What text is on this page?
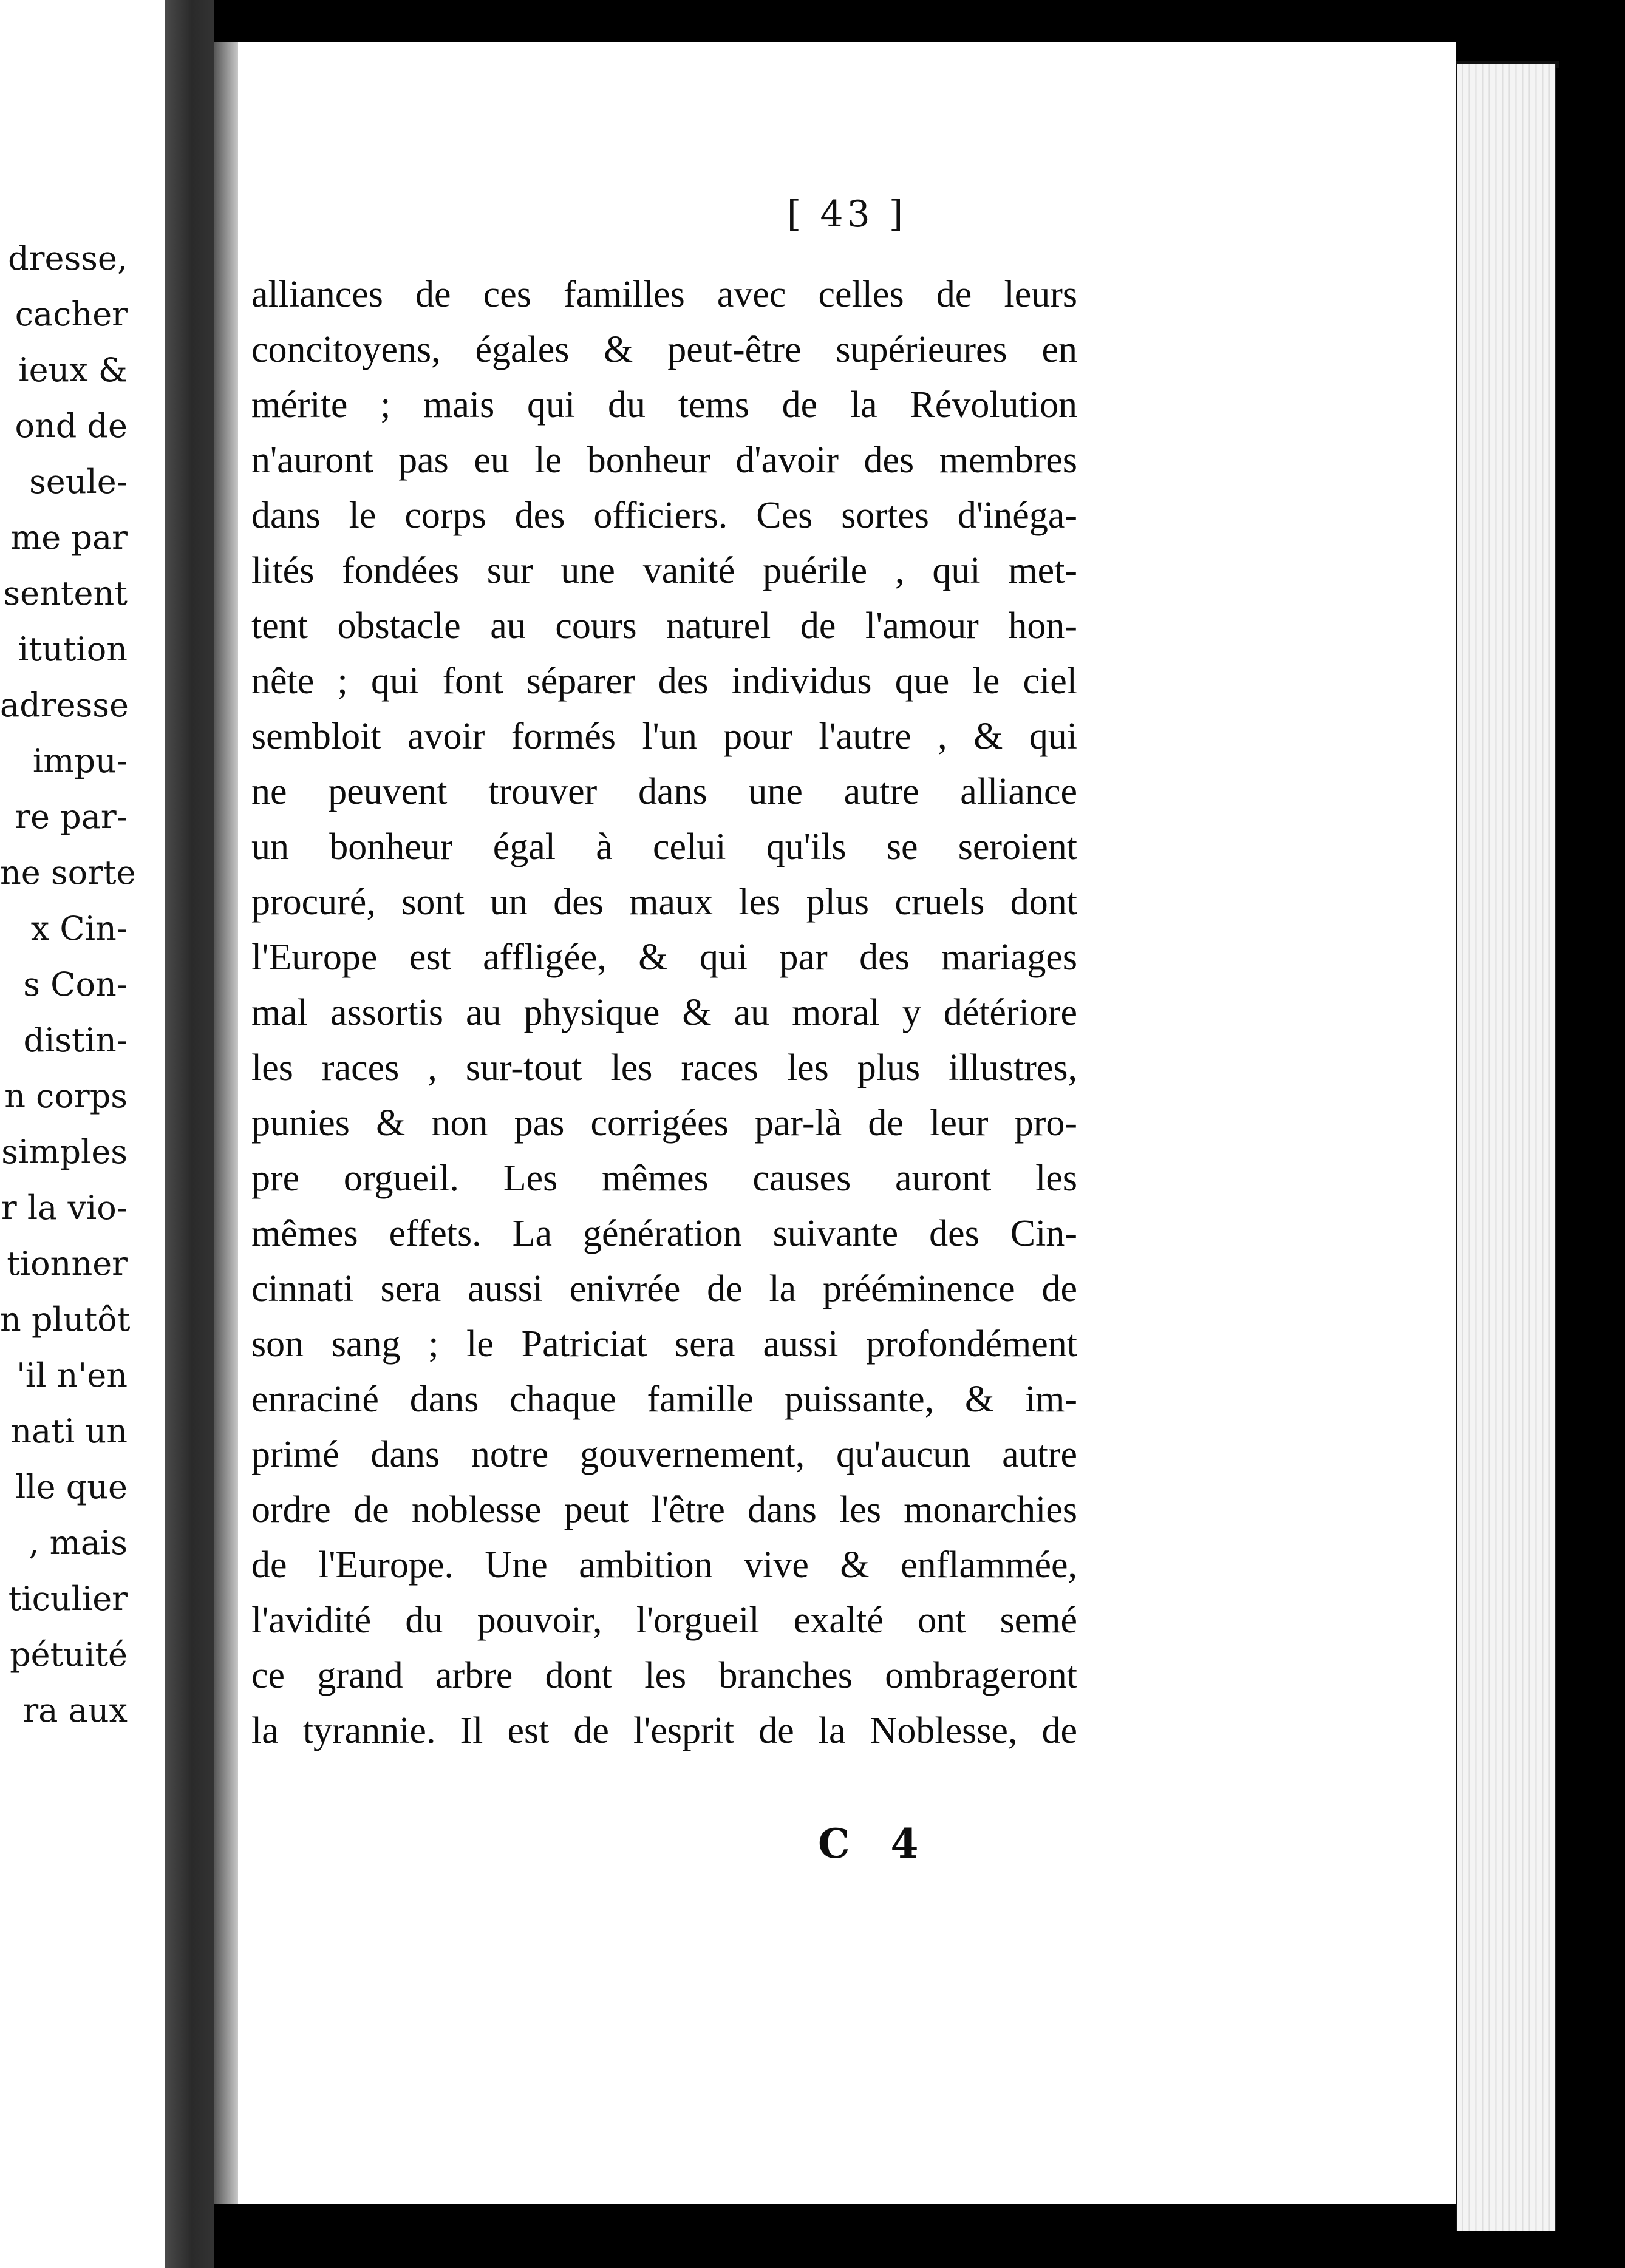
dresse,
cacher
ieux &
ond de
seule-
me par
sentent
itution
adresse
impu-
re par-
ne sorte
x Cin-
s Con-
distin-
n corps
simples
r la vio-
tionner
n plutôt
'il n'en
nati un
lle que
, mais
ticulier
pétuité
ra aux
[ 43 ]
alliances de ces familles avec celles de leurs
concitoyens, égales & peut-être supérieures en
mérite ; mais qui du tems de la Révolution
n'auront pas eu le bonheur d'avoir des membres
dans le corps des officiers. Ces sortes d'inéga-
lités fondées sur une vanité puérile , qui met-
tent obstacle au cours naturel de l'amour hon-
nête ; qui font séparer des individus que le ciel
sembloit avoir formés l'un pour l'autre , & qui
ne peuvent trouver dans une autre alliance
un bonheur égal à celui qu'ils se seroient
procuré, sont un des maux les plus cruels dont
l'Europe est affligée, & qui par des mariages
mal assortis au physique & au moral y détériore
les races , sur-tout les races les plus illustres,
punies & non pas corrigées par-là de leur pro-
pre orgueil. Les mêmes causes auront les
mêmes effets. La génération suivante des Cin-
cinnati sera aussi enivrée de la prééminence de
son sang ; le Patriciat sera aussi profondément
enraciné dans chaque famille puissante, & im-
primé dans notre gouvernement, qu'aucun autre
ordre de noblesse peut l'être dans les monarchies
de l'Europe. Une ambition vive & enflammée,
l'avidité du pouvoir, l'orgueil exalté ont semé
ce grand arbre dont les branches ombrageront
la tyrannie. Il est de l'esprit de la Noblesse, de
C 4
